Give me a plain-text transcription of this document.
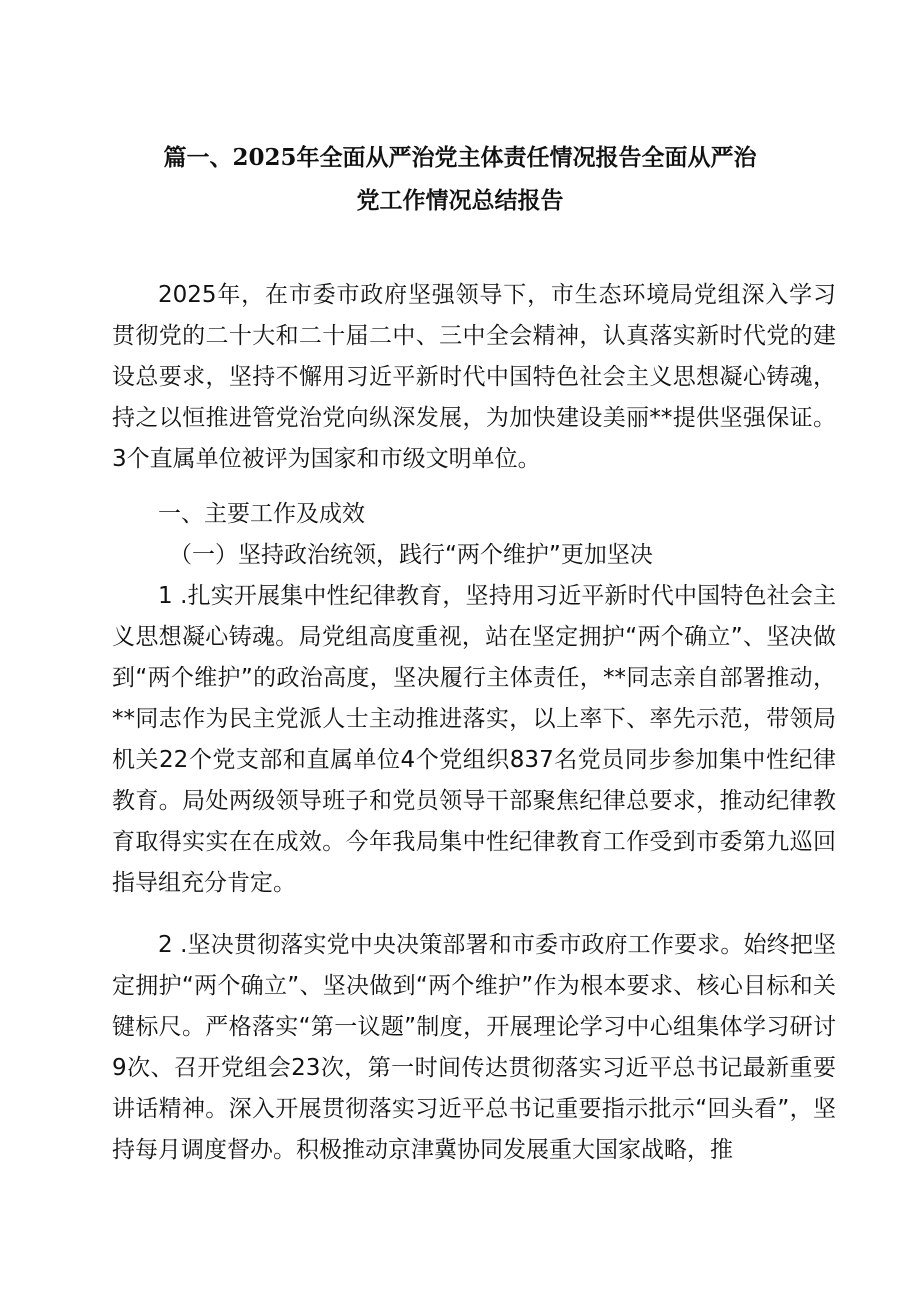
篇一、2025年全面从严治党主体责任情况报告全面从严治
党工作情况总结报告

2025年，在市委市政府坚强领导下，市生态环境局党组深入学习贯彻党的二十大和二十届二中、三中全会精神，认真落实新时代党的建设总要求，坚持不懈用习近平新时代中国特色社会主义思想凝心铸魂，持之以恒推进管党治党向纵深发展，为加快建设美丽**提供坚强保证。3个直属单位被评为国家和市级文明单位。

一、主要工作及成效

（一）坚持政治统领，践行“两个维护”更加坚决

1 .扎实开展集中性纪律教育，坚持用习近平新时代中国特色社会主义思想凝心铸魂。局党组高度重视，站在坚定拥护“两个确立”、坚决做到“两个维护”的政治高度，坚决履行主体责任，**同志亲自部署推动，**同志作为民主党派人士主动推进落实，以上率下、率先示范，带领局机关22个党支部和直属单位4个党组织837名党员同步参加集中性纪律教育。局处两级领导班子和党员领导干部聚焦纪律总要求，推动纪律教育取得实实在在成效。今年我局集中性纪律教育工作受到市委第九巡回指导组充分肯定。

2 .坚决贯彻落实党中央决策部署和市委市政府工作要求。始终把坚定拥护“两个确立”、坚决做到“两个维护”作为根本要求、核心目标和关键标尺。严格落实“第一议题”制度，开展理论学习中心组集体学习研讨9次、召开党组会23次，第一时间传达贯彻落实习近平总书记最新重要讲话精神。深入开展贯彻落实习近平总书记重要指示批示“回头看”，坚持每月调度督办。积极推动京津冀协同发展重大国家战略，推
